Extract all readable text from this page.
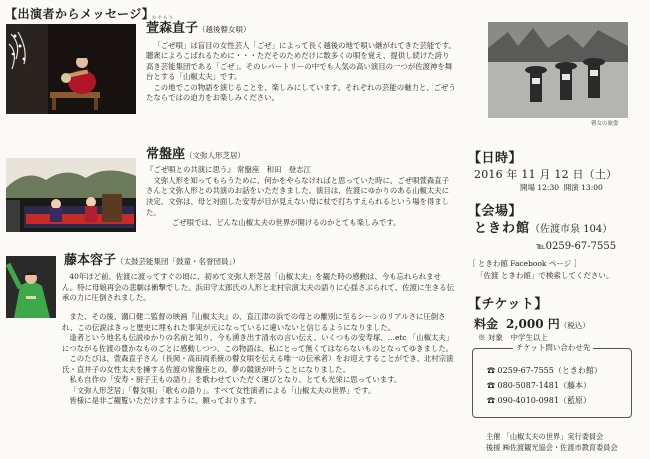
【出演者からメッセージ】
かやもり
萱森直子（越後瞽女唄）

「ごぜ唄」は盲目の女性芸人「ごぜ」によって長く越後の地で唄い継がれてきた芸能です。聴衆によろこばれるために・・・ただそのためだけに数多くの唄を覚え、提供し続けた誇り高き芸能集団である「ごぜ」。そのレパートリーの中でも人気の高い演目の一つが佐渡神を舞台とする「山椒太夫」です。

この地でこの物語を演じることを、楽しみにしています。それぞれの芸能の魅力と、ごぜうたならではの迫力をお楽しみください。

常盤座（文弥人形芝居）

『ごぜ唄との共演に思う』 常盤座　和田　登志江

文弥人形を知ってもらうために、何かをやらなければと思っていた時に、ごぜ唄萱森直子さんと文弥人形との共演のお話をいただきました。演目は、佐渡にゆかりのある山椒太夫に決定、文弥は、母と対面した安寿が目が見えない母に杖で打ちすえられるという場を得ました。

ごぜ唄では、どんな山椒太夫の世界が開けるのかとても楽しみです。

藤本容子（太鼓芸能集団「鼓童・名誉団員」）

40年ほど前、佐渡に渡ってすぐの頃に、初めて文弥人形芝居「山椒太夫」を観た時の感動は、今も忘れられません。特に母娘再会の悲劇は衝撃でした。浜田守太郎氏の人形と北村宗演太夫の語りに心揺さぶられて、佐渡に生きる伝承の力に圧倒されました。

また、その後、溝口健二監督の映画『山椒太夫』の、直江津の浜での母との離別に至るシーンのリアルさに圧倒され、この伝説はきっと歴史に埋もれた事実が元になっているに違いないと信じるようになりました。

逢者という地名も伝説ゆかりの名前と知り、今も湧き出す清水の言い伝え、いくつもの安寿塚、…etc 「山椒太夫」につながる佐渡の豊かなものごとに感動しつつ、この物語は、私にとって無くてはならないものとなってゆきました。

このたびは、萱森直子さん（長岡・高田両系統の瞽女唄を伝える唯一の伝承者）をお迎えすることができ、北村宗演氏・直井子の女性太夫を擁する佐渡の常盤座との、夢の競演が叶うことになりました。

私も自作の「安寿・厨子王もの語り」を歌わせていただく運びとなり、とても光栄に思っています。

「文弥人形芝居」「瞽女唄」「歌もの語り」。すべて女性演者による「山椒太夫の世界」です。

皆様に是非ご観覧いただけますように、願っております。

瞽女の旅姿
【日時】
2016 年 11 月 12 日（土）
開場 12:30 開演 13:00
【会場】
ときわ館（佐渡市泉 104）
℡0259-67-7555
［ ときわ館 Facebook ページ ］
「佐渡 ときわ館」で検索してください。
【チケット】
料金 2,000 円（税込）
※ 対象　中学生以上
チケット問い合わせ先
☎ 0259-67-7555（ときわ館）
☎ 080-5087-1481（藤本）
☎ 090-4010-0981（藍原）
主催 「山椒太夫の世界」実行委員会
後援 ㈱佐渡観光協会・佐渡市教育委員会
